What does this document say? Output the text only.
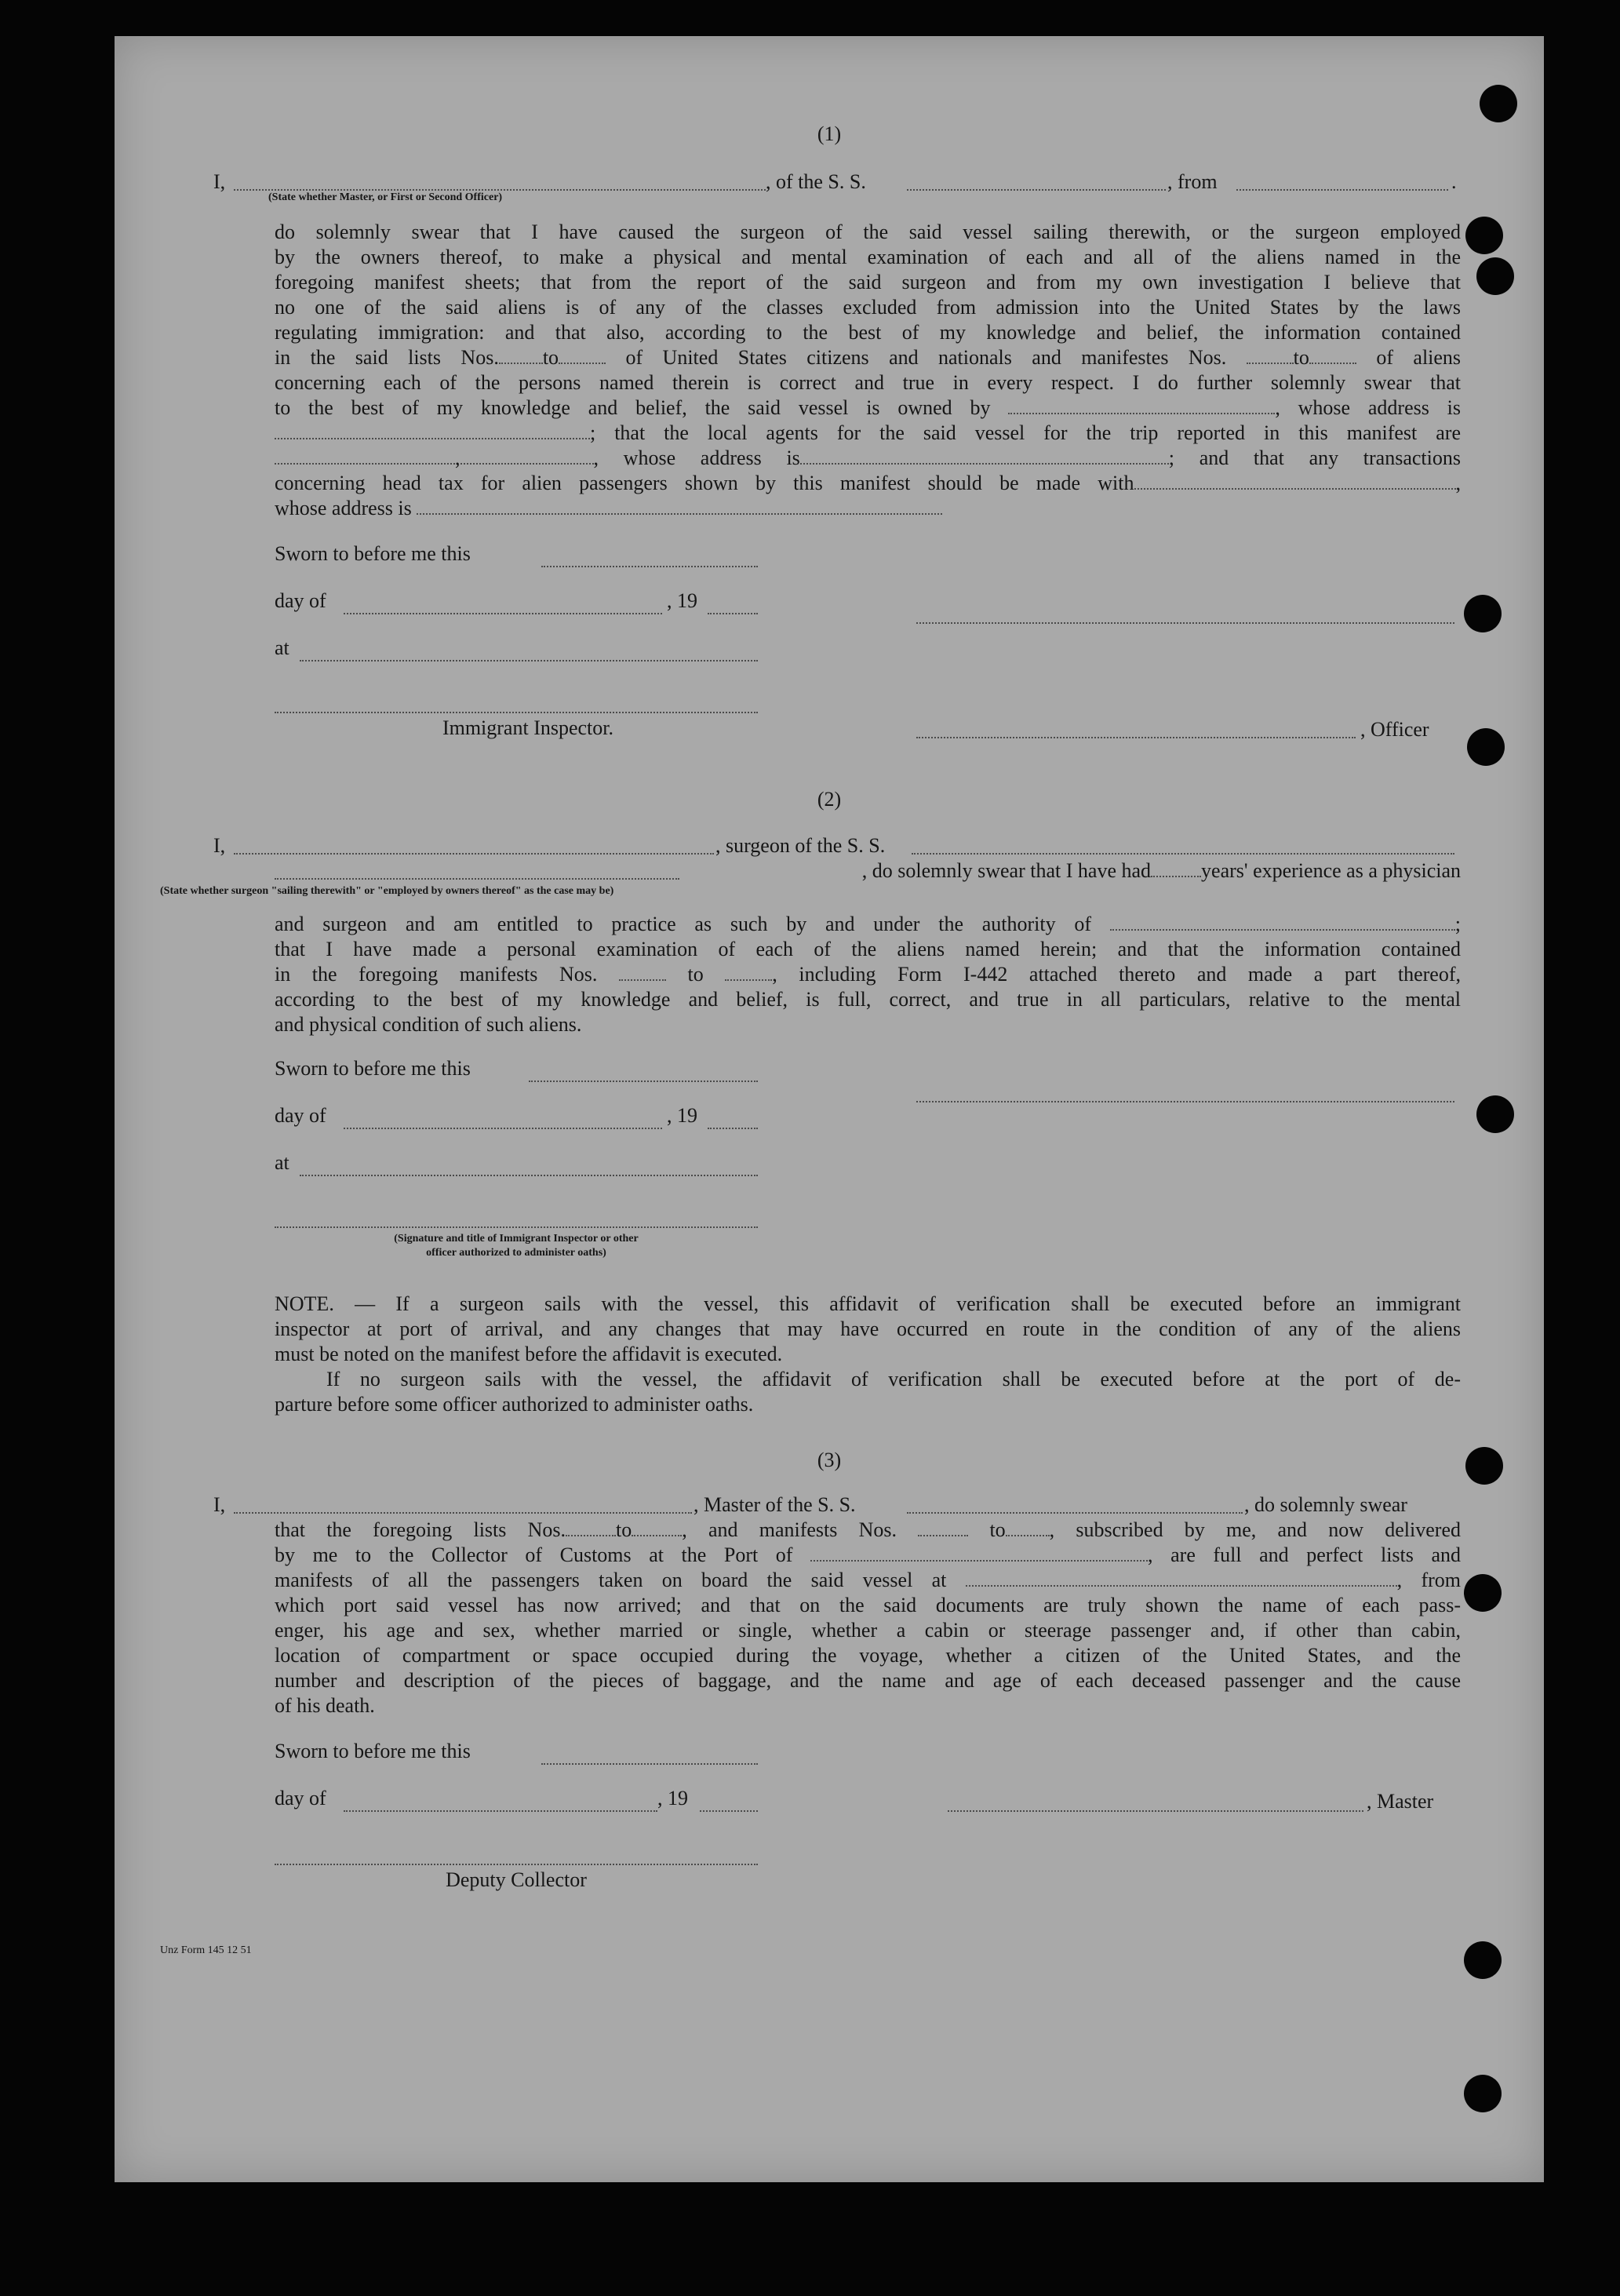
(1)
I,	, of the S. S.	, from	.
(State whether Master, or First or Second Officer)
do solemnly swear that I have caused the surgeon of the said vessel sailing therewith, or the surgeon employed
by the owners thereof, to make a physical and mental examination of each and all of the aliens named in the
foregoing manifest sheets; that from the report of the said surgeon and from my own investigation I believe that
no one of the said aliens is of any of the classes excluded from admission into the United States by the laws
regulating immigration: and that also, according to the best of my knowledge and belief, the information contained
in the said lists Nos. to	of United States citizens and nationals and manifestes Nos.	to	of aliens
concerning each of the persons named therein is correct and true in every respect. I do further solemnly swear that
to the best of my knowledge and belief, the said vessel is owned by	, whose address is
; that the local agents for the said vessel for the trip reported in this manifest are
,	, whose address is	; and that any transactions
concerning head tax for alien passengers shown by this manifest should be made with	,
whose address is
Sworn to before me this
day of	, 19
at
Immigrant Inspector.	, Officer
(2)
I,	, surgeon of the S. S.
, do solemnly swear that I have had years' experience as a physician
(State whether surgeon "sailing therewith" or "employed by owners thereof" as the case may be)
and surgeon and am entitled to practice as such by and under the authority of	;
that I have made a personal examination of each of the aliens named herein; and that the information contained
in the foregoing manifests Nos.	to	, including Form I-442 attached thereto and made a part thereof,
according to the best of my knowledge and belief, is full, correct, and true in all particulars, relative to the mental
and physical condition of such aliens.
Sworn to before me this
day of	, 19
at
(Signature and title of Immigrant Inspector or other
officer authorized to administer oaths)
NOTE. — If a surgeon sails with the vessel, this affidavit of verification shall be executed before an immigrant
inspector at port of arrival, and any changes that may have occurred en route in the condition of any of the aliens
must be noted on the manifest before the affidavit is executed.
If no surgeon sails with the vessel, the affidavit of verification shall be executed before at the port of de-
parture before some officer authorized to administer oaths.
(3)
I,	, Master of the S. S.	, do solemnly swear
that the foregoing lists Nos. to , and manifests Nos.	to , subscribed by me, and now delivered
by me to the Collector of Customs at the Port of	, are full and perfect lists and
manifests of all the passengers taken on board the said vessel at	, from
which port said vessel has now arrived; and that on the said documents are truly shown the name of each pass-
enger, his age and sex, whether married or single, whether a cabin or steerage passenger and, if other than cabin,
location of compartment or space occupied during the voyage, whether a citizen of the United States, and the
number and description of the pieces of baggage, and the name and age of each deceased passenger and the cause
of his death.
Sworn to before me this
day of	, 19	, Master
Deputy Collector
Unz Form 145 12 51
